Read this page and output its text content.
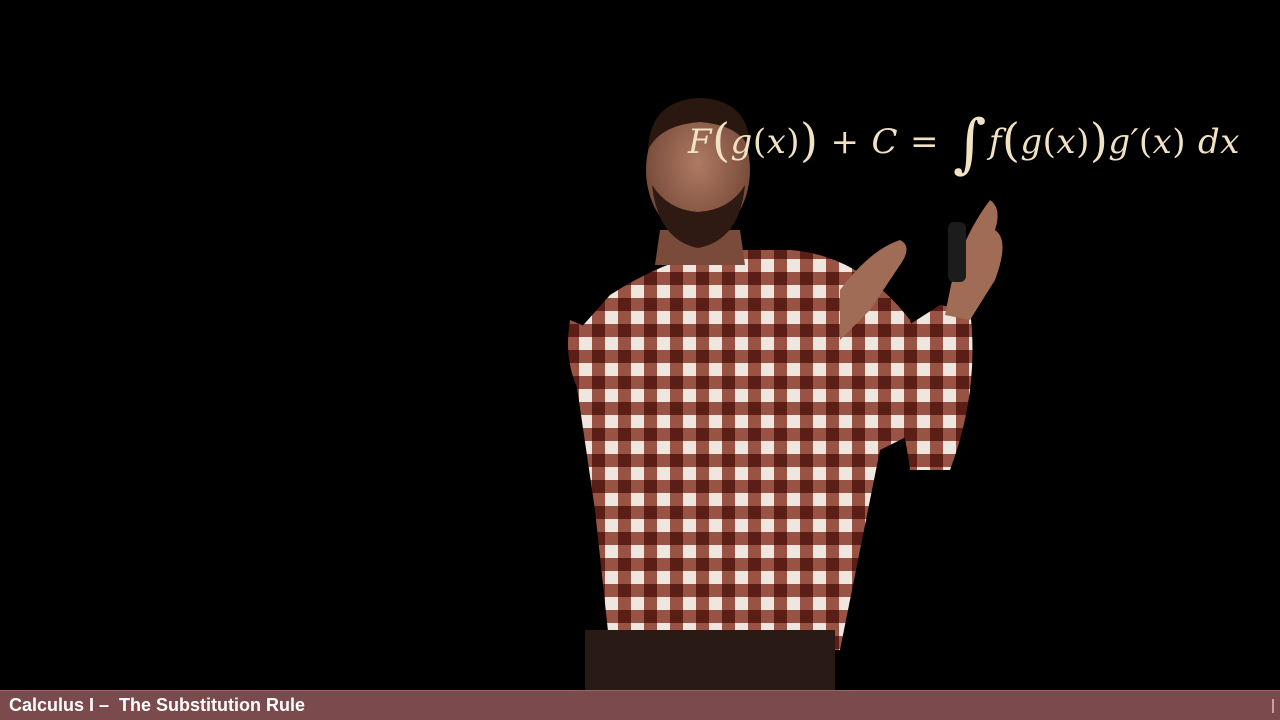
F ( g ( x ) ) + C = ∫ f ( g ( x ) ) g′ ( x ) dx
Calculus I –  The Substitution Rule
